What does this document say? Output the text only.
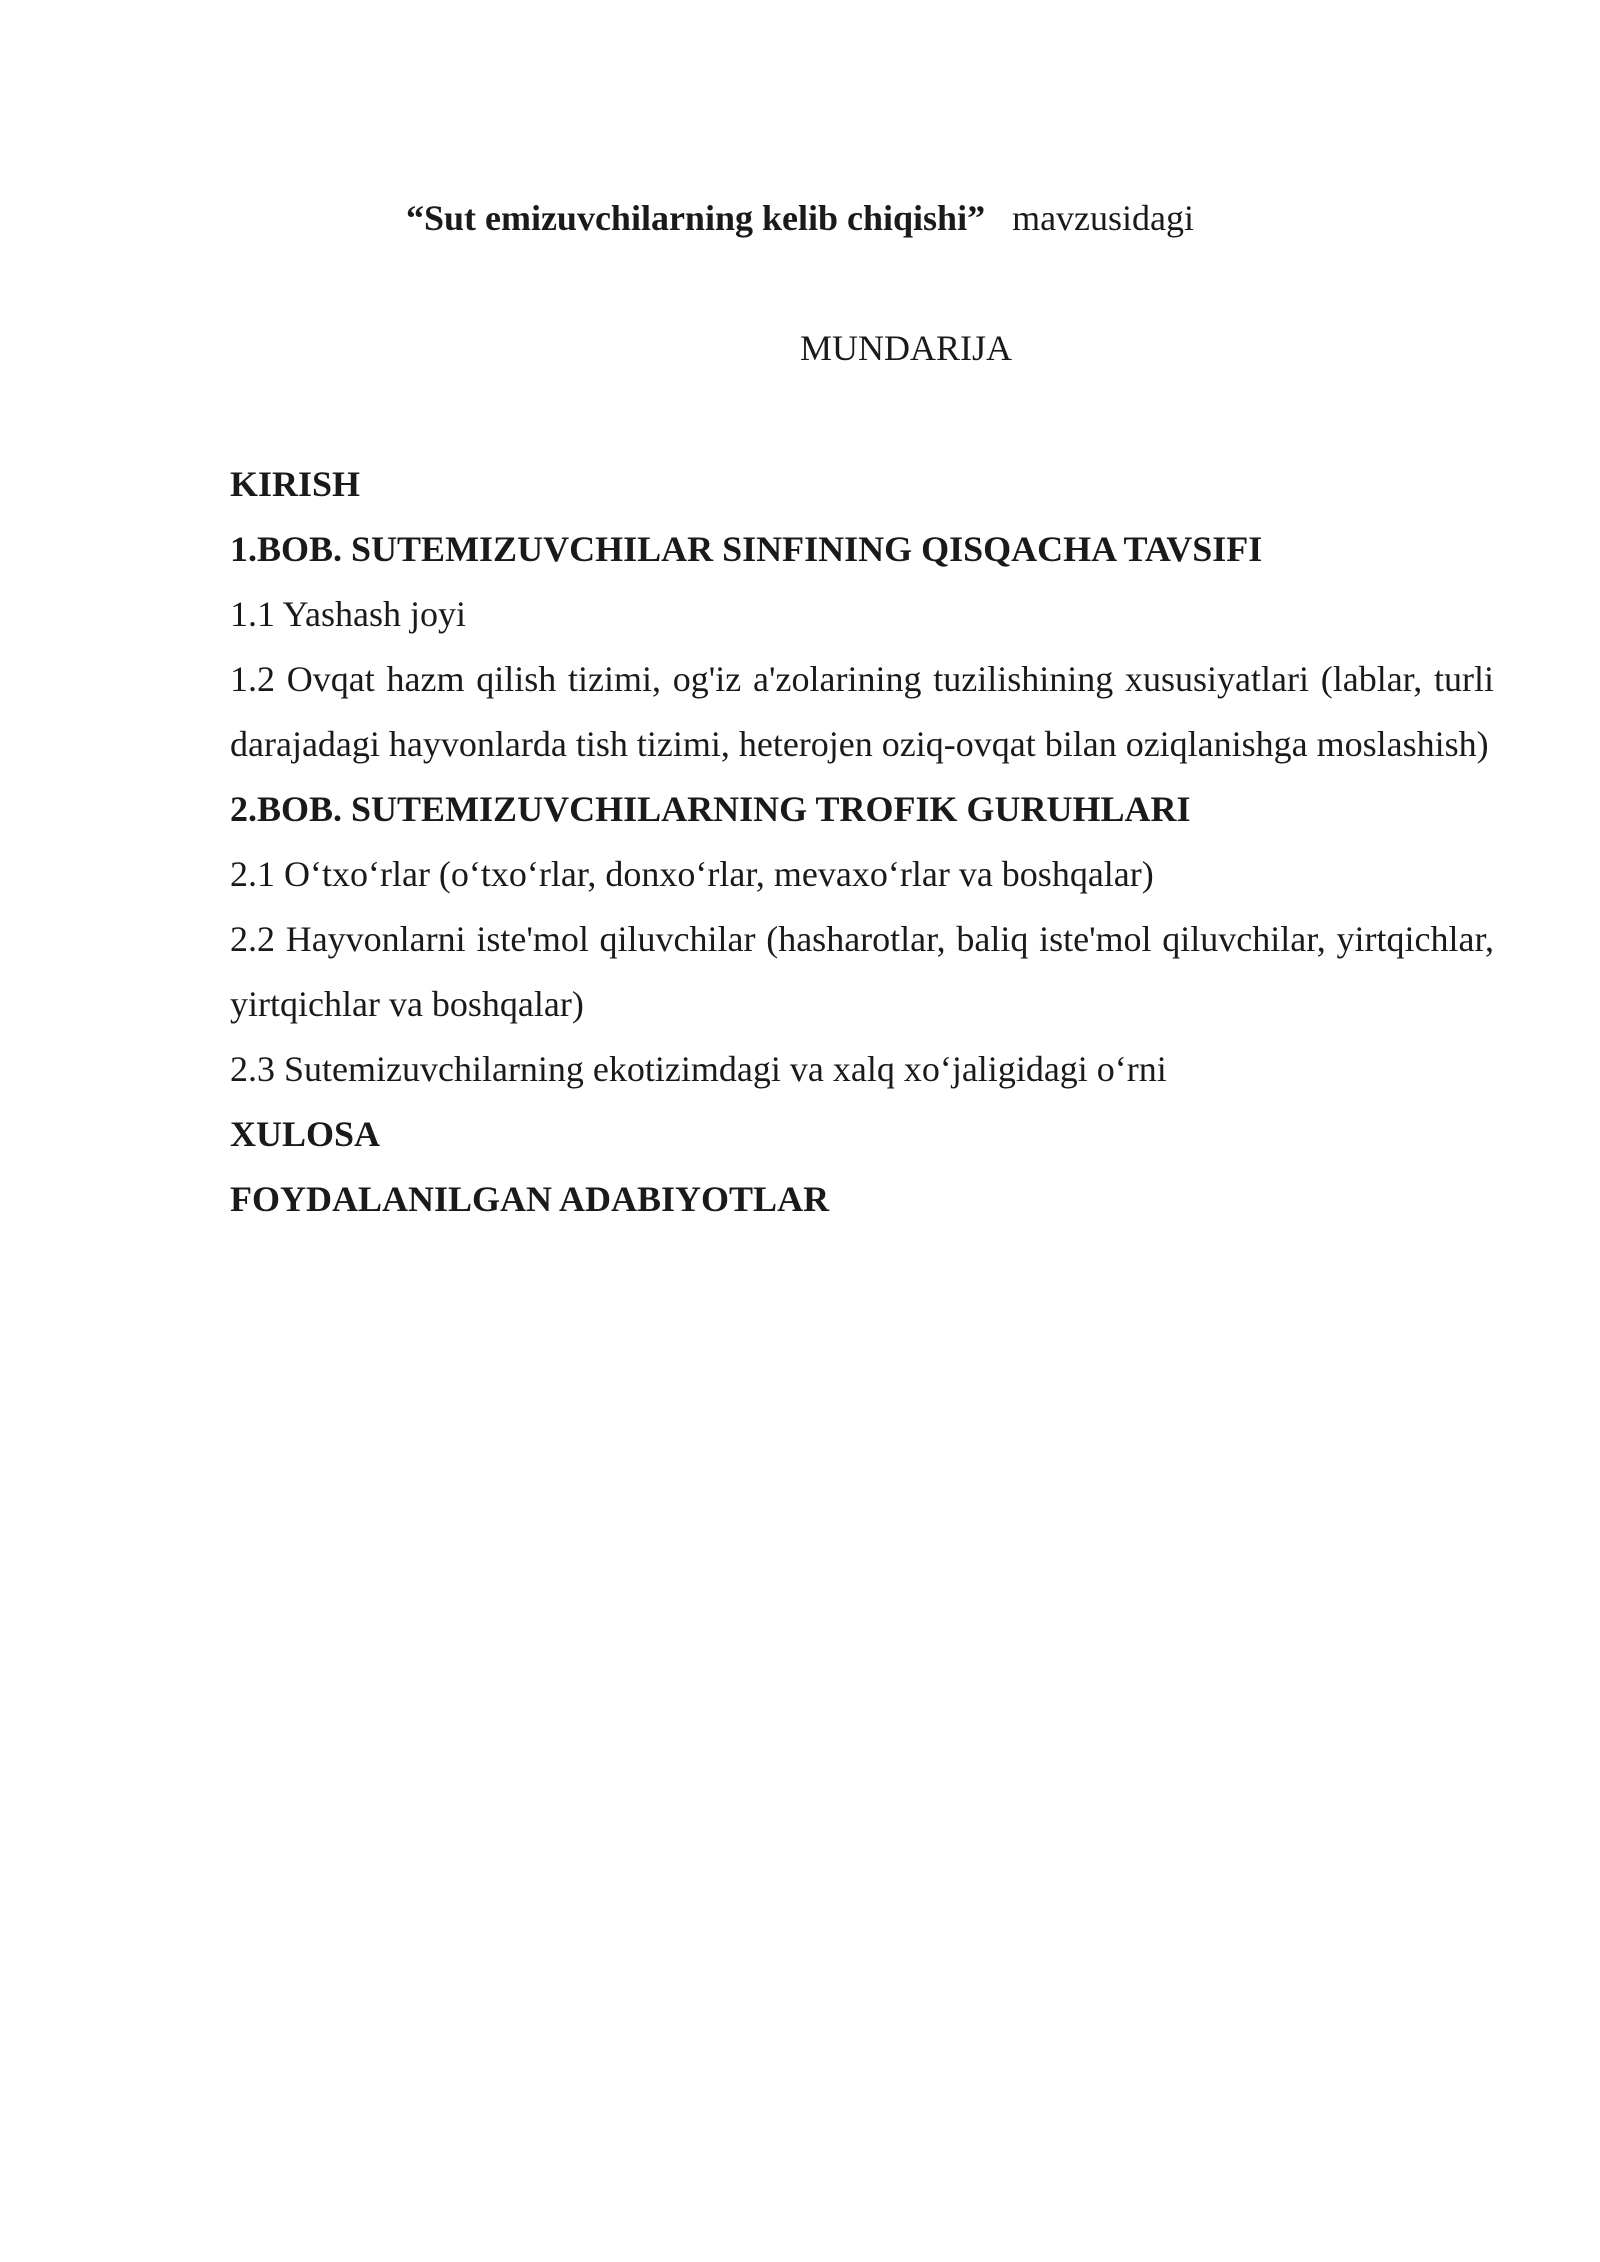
“Sut emizuvchilarning kelib chiqishi” mavzusidagi
MUNDARIJA

KIRISH

1.BOB. SUTEMIZUVCHILAR SINFINING QISQACHA TAVSIFI

1.1 Yashash joyi

1.2 Ovqat hazm qilish tizimi, og'iz a'zolarining tuzilishining xususiyatlari (lablar, turli darajadagi hayvonlarda tish tizimi, heterojen oziq-ovqat bilan oziqlanishga moslashish)

2.BOB. SUTEMIZUVCHILARNING TROFIK GURUHLARI

2.1 O‘txo‘rlar (o‘txo‘rlar, donxo‘rlar, mevaxo‘rlar va boshqalar)

2.2 Hayvonlarni iste'mol qiluvchilar (hasharotlar, baliq iste'mol qiluvchilar, yirtqichlar, yirtqichlar va boshqalar)

2.3 Sutemizuvchilarning ekotizimdagi va xalq xo‘jaligidagi o‘rni

XULOSA

FOYDALANILGAN ADABIYOTLAR
